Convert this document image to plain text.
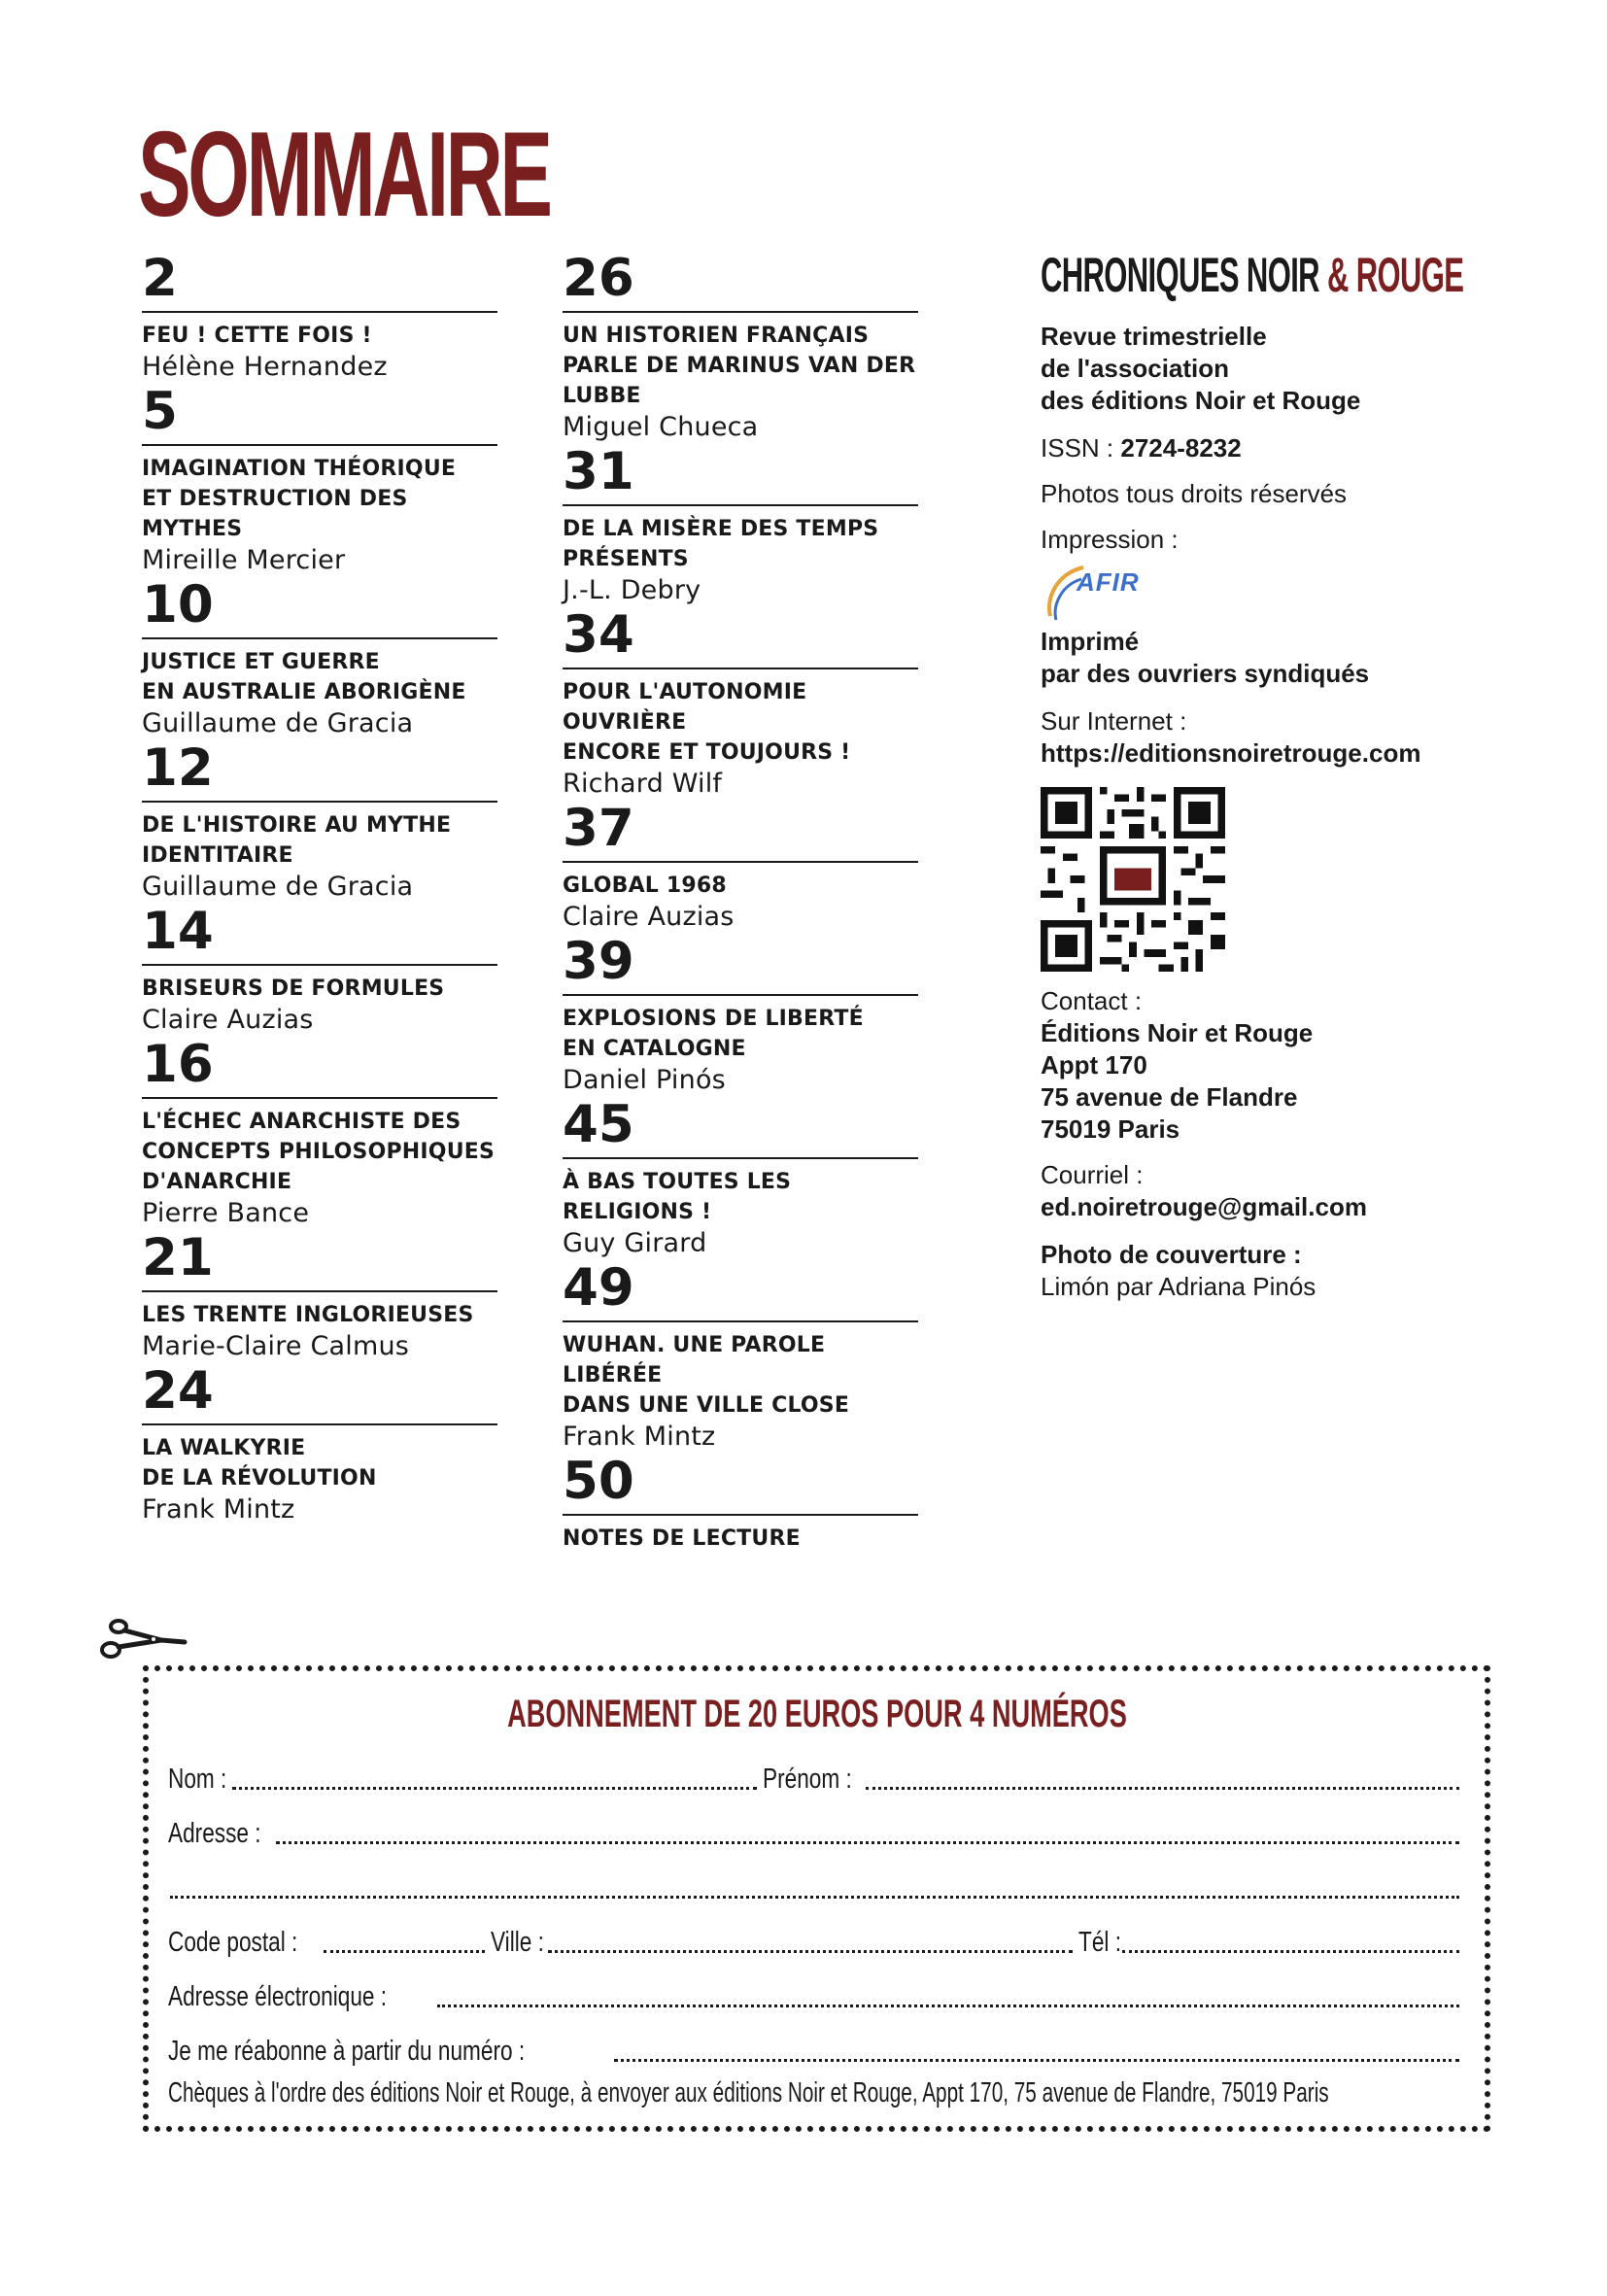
SOMMAIRE
2
FEU ! CETTE FOIS !
Hélène Hernandez
5
IMAGINATION THÉORIQUE
ET DESTRUCTION DES MYTHES
Mireille Mercier
10
JUSTICE ET GUERRE
EN AUSTRALIE ABORIGÈNE
Guillaume de Gracia
12
DE L'HISTOIRE AU MYTHE
IDENTITAIRE
Guillaume de Gracia
14
BRISEURS DE FORMULES
Claire Auzias
16
L'ÉCHEC ANARCHISTE DES
CONCEPTS PHILOSOPHIQUES
D'ANARCHIE
Pierre Bance
21
LES TRENTE INGLORIEUSES
Marie-Claire Calmus
24
LA WALKYRIE
DE LA RÉVOLUTION
Frank Mintz
26
UN HISTORIEN FRANÇAIS
PARLE DE MARINUS VAN DER LUBBE
Miguel Chueca
31
DE LA MISÈRE DES TEMPS PRÉSENTS
J.-L. Debry
34
POUR L'AUTONOMIE OUVRIÈRE
ENCORE ET TOUJOURS !
Richard Wilf
37
GLOBAL 1968
Claire Auzias
39
EXPLOSIONS DE LIBERTÉ
EN CATALOGNE
Daniel Pinós
45
À BAS TOUTES LES RELIGIONS !
Guy Girard
49
WUHAN. UNE PAROLE LIBÉRÉE
DANS UNE VILLE CLOSE
Frank Mintz
50
NOTES DE LECTURE
CHRONIQUES NOIR & ROUGE
Revue trimestrielle
de l'association
des éditions Noir et Rouge
ISSN : 2724-8232
Photos tous droits réservés
Impression :
AFIR
Imprimé
par des ouvriers syndiqués
Sur Internet :
https://editionsnoiretrouge.com
Contact :
Éditions Noir et Rouge
Appt 170
75 avenue de Flandre
75019 Paris
Courriel :
ed.noiretrouge@gmail.com
Photo de couverture :
Limón par Adriana Pinós
ABONNEMENT DE 20 EUROS POUR 4 NUMÉROS
Nom :	Prénom :
Adresse :
Code postal :	Ville :	Tél :
Adresse électronique :
Je me réabonne à partir du numéro :
Chèques à l'ordre des éditions Noir et Rouge, à envoyer aux éditions Noir et Rouge, Appt 170, 75 avenue de Flandre, 75019 Paris
